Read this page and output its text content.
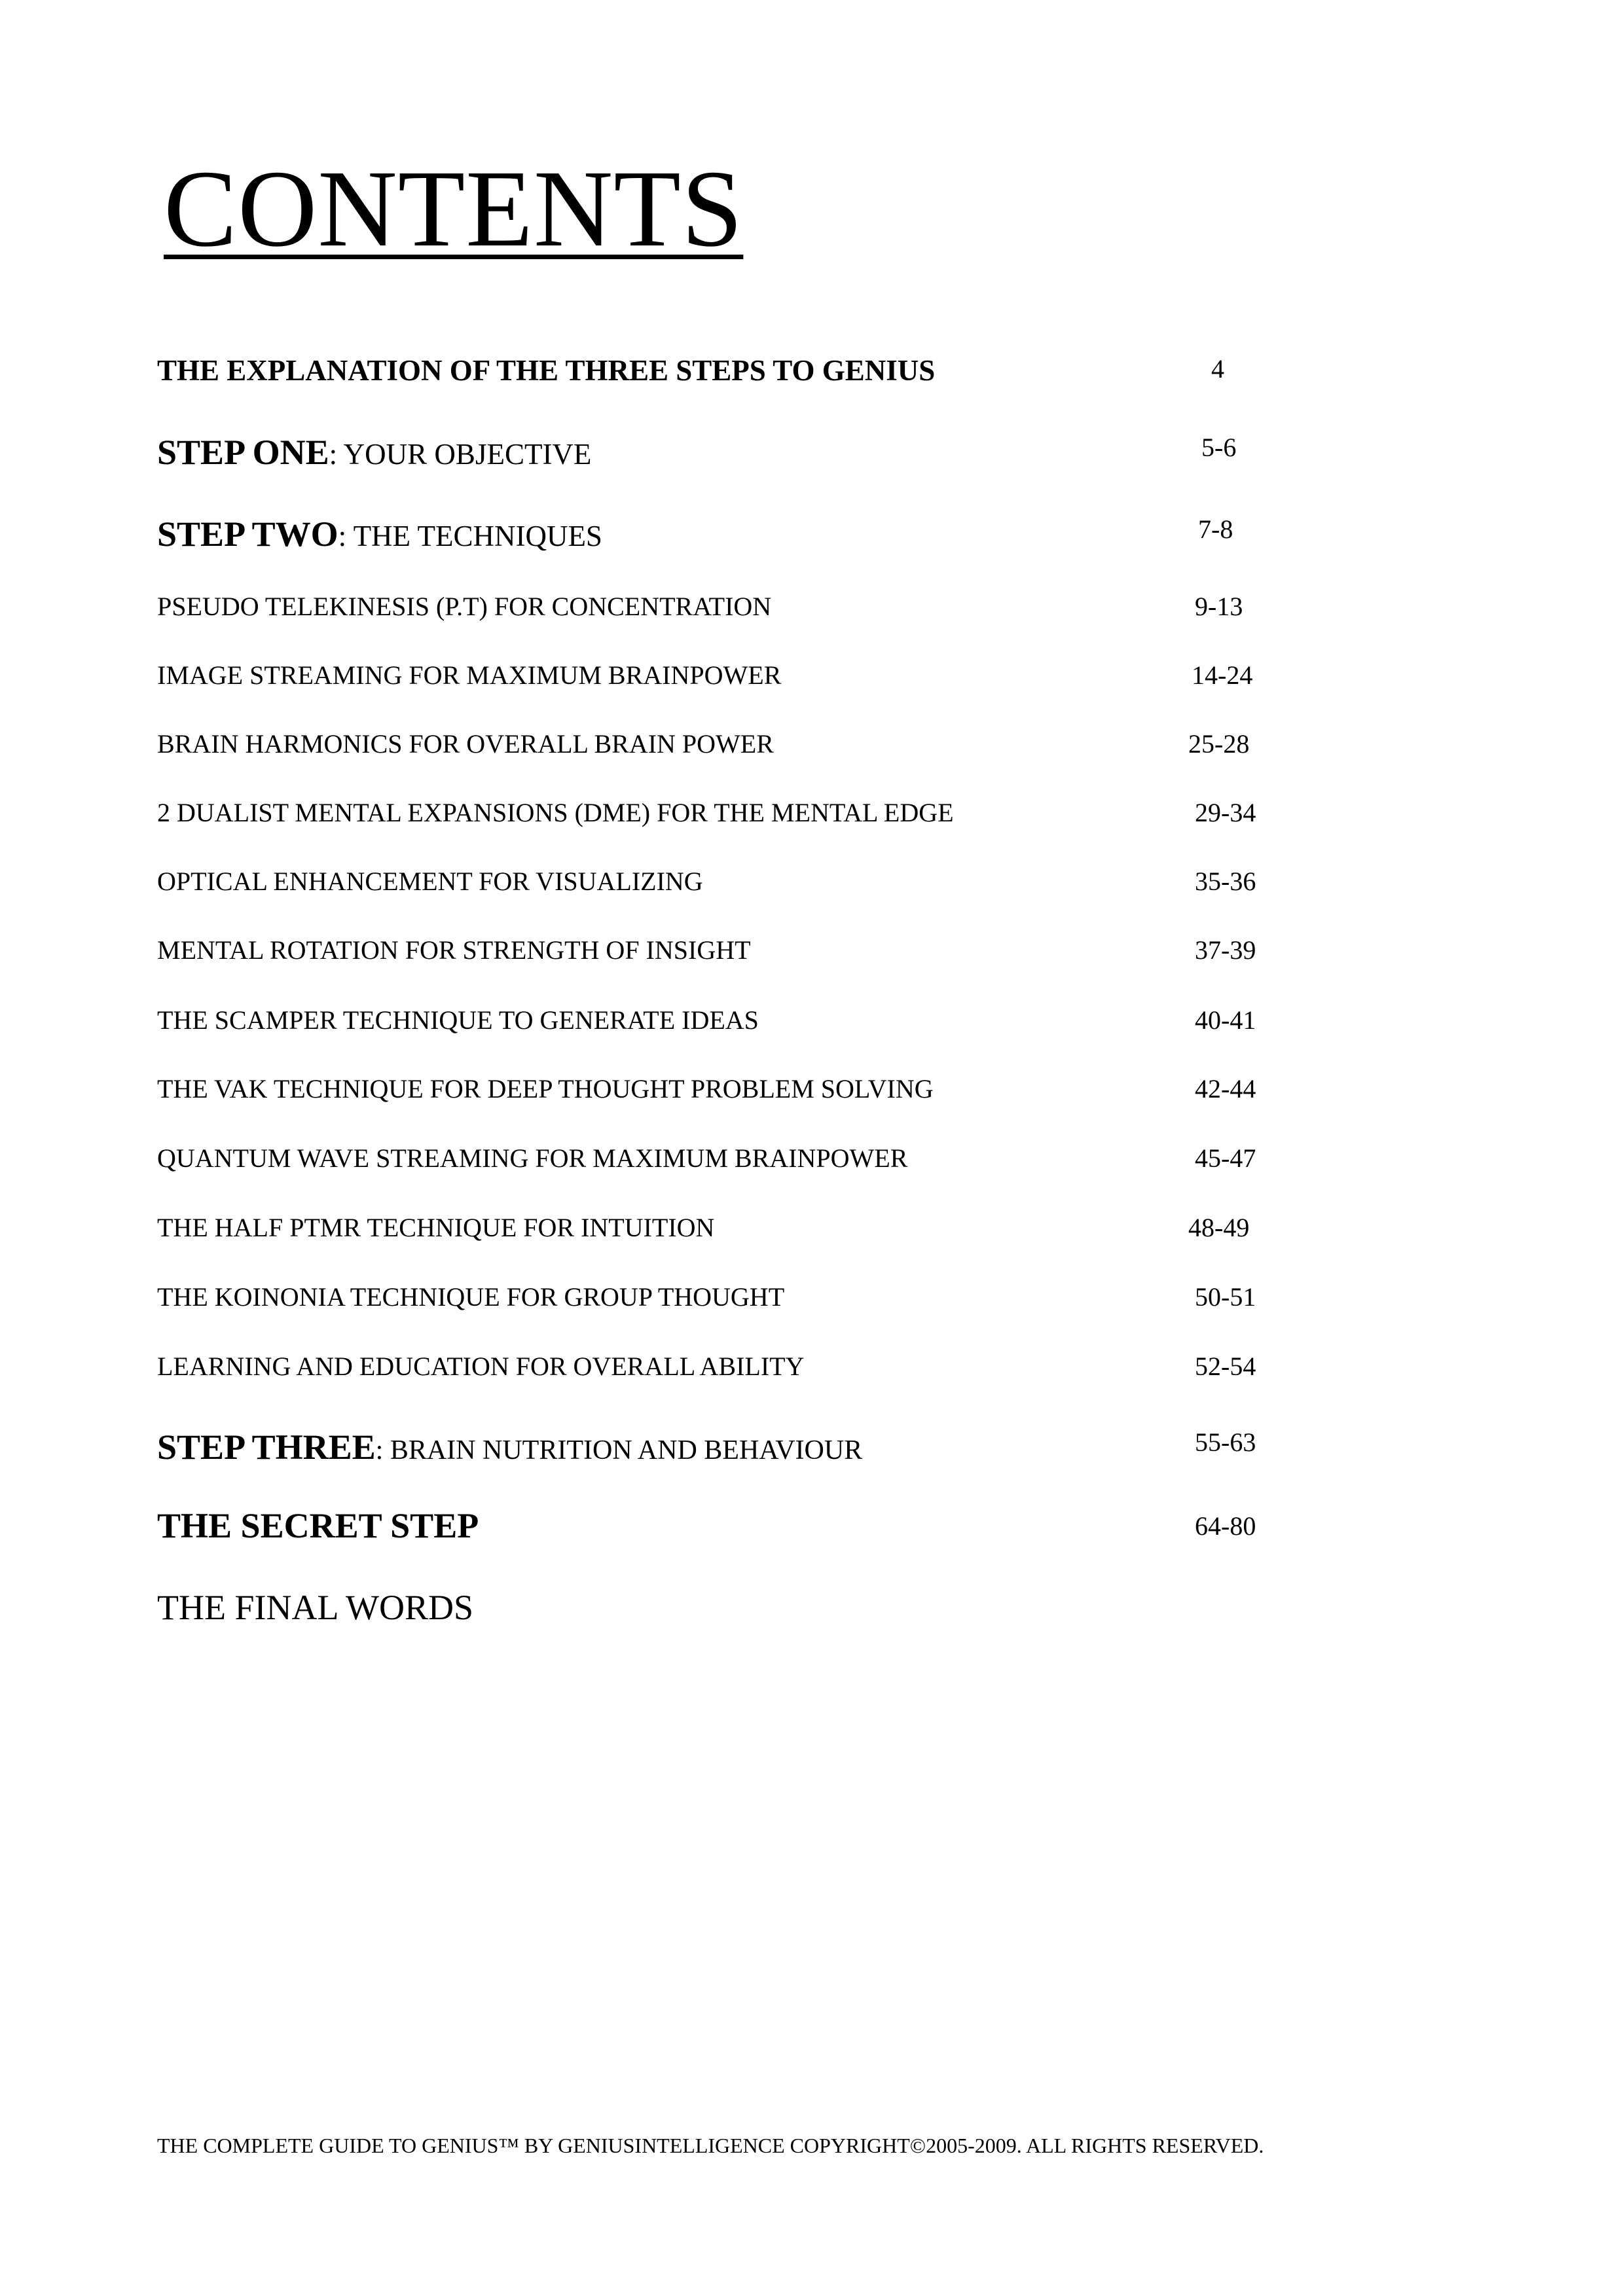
CONTENTS
THE EXPLANATION OF THE THREE STEPS TO GENIUS	4
STEP ONE: YOUR OBJECTIVE	5-6
STEP TWO: THE TECHNIQUES	7-8
PSEUDO TELEKINESIS (P.T) FOR CONCENTRATION	9-13
IMAGE STREAMING FOR MAXIMUM BRAINPOWER	14-24
BRAIN HARMONICS FOR OVERALL BRAIN POWER	25-28
2 DUALIST MENTAL EXPANSIONS (DME) FOR THE MENTAL EDGE	29-34
OPTICAL ENHANCEMENT FOR VISUALIZING	35-36
MENTAL ROTATION FOR STRENGTH OF INSIGHT	37-39
THE SCAMPER TECHNIQUE TO GENERATE IDEAS	40-41
THE VAK TECHNIQUE FOR DEEP THOUGHT PROBLEM SOLVING	42-44
QUANTUM WAVE STREAMING FOR MAXIMUM BRAINPOWER	45-47
THE HALF PTMR TECHNIQUE FOR INTUITION	48-49
THE KOINONIA TECHNIQUE FOR GROUP THOUGHT	50-51
LEARNING AND EDUCATION FOR OVERALL ABILITY	52-54
STEP THREE: BRAIN NUTRITION AND BEHAVIOUR	55-63
THE SECRET STEP	64-80
THE FINAL WORDS
THE COMPLETE GUIDE TO GENIUS™ BY GENIUSINTELLIGENCE COPYRIGHT©2005-2009. ALL RIGHTS RESERVED.
